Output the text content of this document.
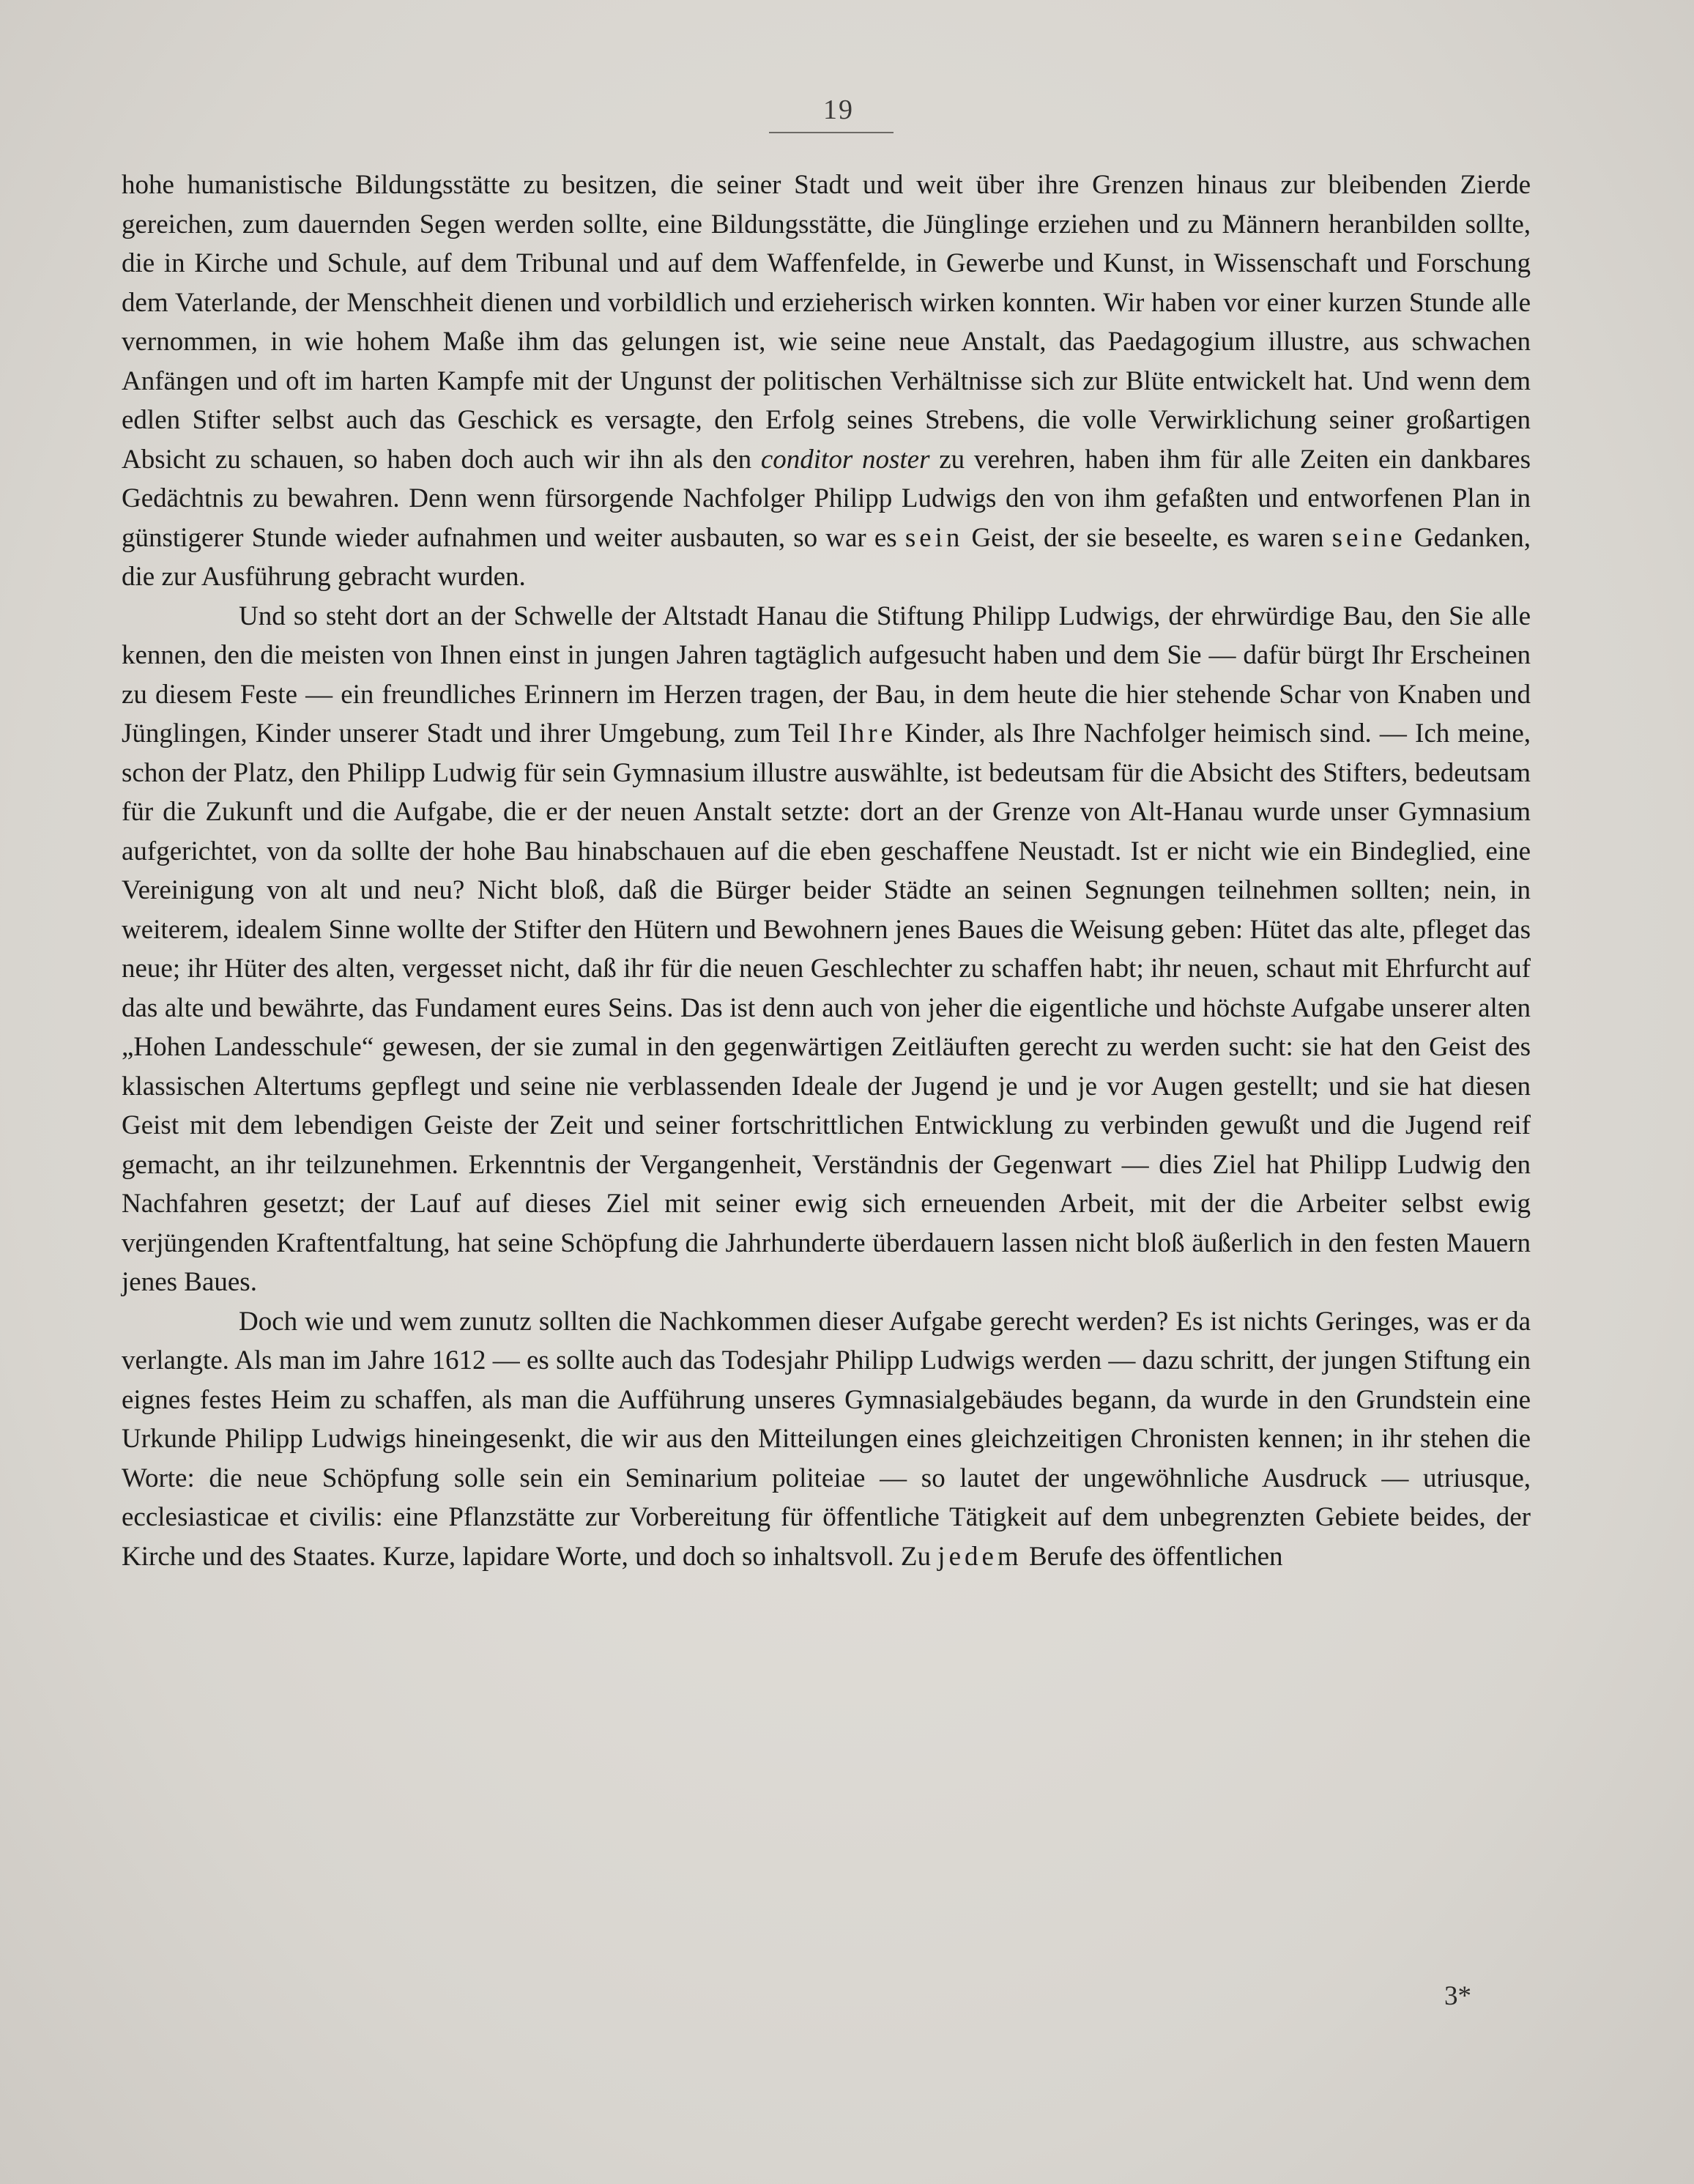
19

hohe humanistische Bildungsstätte zu besitzen, die seiner Stadt und weit über ihre Grenzen hinaus zur bleibenden Zierde gereichen, zum dauernden Segen werden sollte, eine Bildungsstätte, die Jünglinge erziehen und zu Männern heranbilden sollte, die in Kirche und Schule, auf dem Tribunal und auf dem Waffenfelde, in Gewerbe und Kunst, in Wissenschaft und Forschung dem Vaterlande, der Menschheit dienen und vorbildlich und erzieherisch wirken konnten. Wir haben vor einer kurzen Stunde alle vernommen, in wie hohem Maße ihm das gelungen ist, wie seine neue Anstalt, das Paedagogium illustre, aus schwachen Anfängen und oft im harten Kampfe mit der Ungunst der politischen Verhältnisse sich zur Blüte entwickelt hat. Und wenn dem edlen Stifter selbst auch das Geschick es versagte, den Erfolg seines Strebens, die volle Verwirklichung seiner großartigen Absicht zu schauen, so haben doch auch wir ihn als den conditor noster zu verehren, haben ihm für alle Zeiten ein dankbares Gedächtnis zu bewahren. Denn wenn fürsorgende Nachfolger Philipp Ludwigs den von ihm gefaßten und entworfenen Plan in günstigerer Stunde wieder aufnahmen und weiter ausbauten, so war es sein Geist, der sie beseelte, es waren seine Gedanken, die zur Ausführung gebracht wurden.

Und so steht dort an der Schwelle der Altstadt Hanau die Stiftung Philipp Ludwigs, der ehrwürdige Bau, den Sie alle kennen, den die meisten von Ihnen einst in jungen Jahren tagtäglich aufgesucht haben und dem Sie — dafür bürgt Ihr Erscheinen zu diesem Feste — ein freundliches Erinnern im Herzen tragen, der Bau, in dem heute die hier stehende Schar von Knaben und Jünglingen, Kinder unserer Stadt und ihrer Umgebung, zum Teil Ihre Kinder, als Ihre Nachfolger heimisch sind. — Ich meine, schon der Platz, den Philipp Ludwig für sein Gymnasium illustre auswählte, ist bedeutsam für die Absicht des Stifters, bedeutsam für die Zukunft und die Aufgabe, die er der neuen Anstalt setzte: dort an der Grenze von Alt-Hanau wurde unser Gymnasium aufgerichtet, von da sollte der hohe Bau hinabschauen auf die eben geschaffene Neustadt. Ist er nicht wie ein Bindeglied, eine Vereinigung von alt und neu? Nicht bloß, daß die Bürger beider Städte an seinen Segnungen teilnehmen sollten; nein, in weiterem, idealem Sinne wollte der Stifter den Hütern und Bewohnern jenes Baues die Weisung geben: Hütet das alte, pfleget das neue; ihr Hüter des alten, vergesset nicht, daß ihr für die neuen Geschlechter zu schaffen habt; ihr neuen, schaut mit Ehrfurcht auf das alte und bewährte, das Fundament eures Seins. Das ist denn auch von jeher die eigentliche und höchste Aufgabe unserer alten „Hohen Landesschule“ gewesen, der sie zumal in den gegenwärtigen Zeitläuften gerecht zu werden sucht: sie hat den Geist des klassischen Altertums gepflegt und seine nie verblassenden Ideale der Jugend je und je vor Augen gestellt; und sie hat diesen Geist mit dem lebendigen Geiste der Zeit und seiner fortschrittlichen Entwicklung zu verbinden gewußt und die Jugend reif gemacht, an ihr teilzunehmen. Erkenntnis der Vergangenheit, Verständnis der Gegenwart — dies Ziel hat Philipp Ludwig den Nachfahren gesetzt; der Lauf auf dieses Ziel mit seiner ewig sich erneuenden Arbeit, mit der die Arbeiter selbst ewig verjüngenden Kraftentfaltung, hat seine Schöpfung die Jahrhunderte überdauern lassen nicht bloß äußerlich in den festen Mauern jenes Baues.

Doch wie und wem zunutz sollten die Nachkommen dieser Aufgabe gerecht werden? Es ist nichts Geringes, was er da verlangte. Als man im Jahre 1612 — es sollte auch das Todesjahr Philipp Ludwigs werden — dazu schritt, der jungen Stiftung ein eignes festes Heim zu schaffen, als man die Aufführung unseres Gymnasialgebäudes begann, da wurde in den Grundstein eine Urkunde Philipp Ludwigs hineingesenkt, die wir aus den Mitteilungen eines gleichzeitigen Chronisten kennen; in ihr stehen die Worte: die neue Schöpfung solle sein ein Seminarium politeiae — so lautet der ungewöhnliche Ausdruck — utriusque, ecclesiasticae et civilis: eine Pflanzstätte zur Vorbereitung für öffentliche Tätigkeit auf dem unbegrenzten Gebiete beides, der Kirche und des Staates. Kurze, lapidare Worte, und doch so inhaltsvoll. Zu jedem Berufe des öffentlichen

3*
